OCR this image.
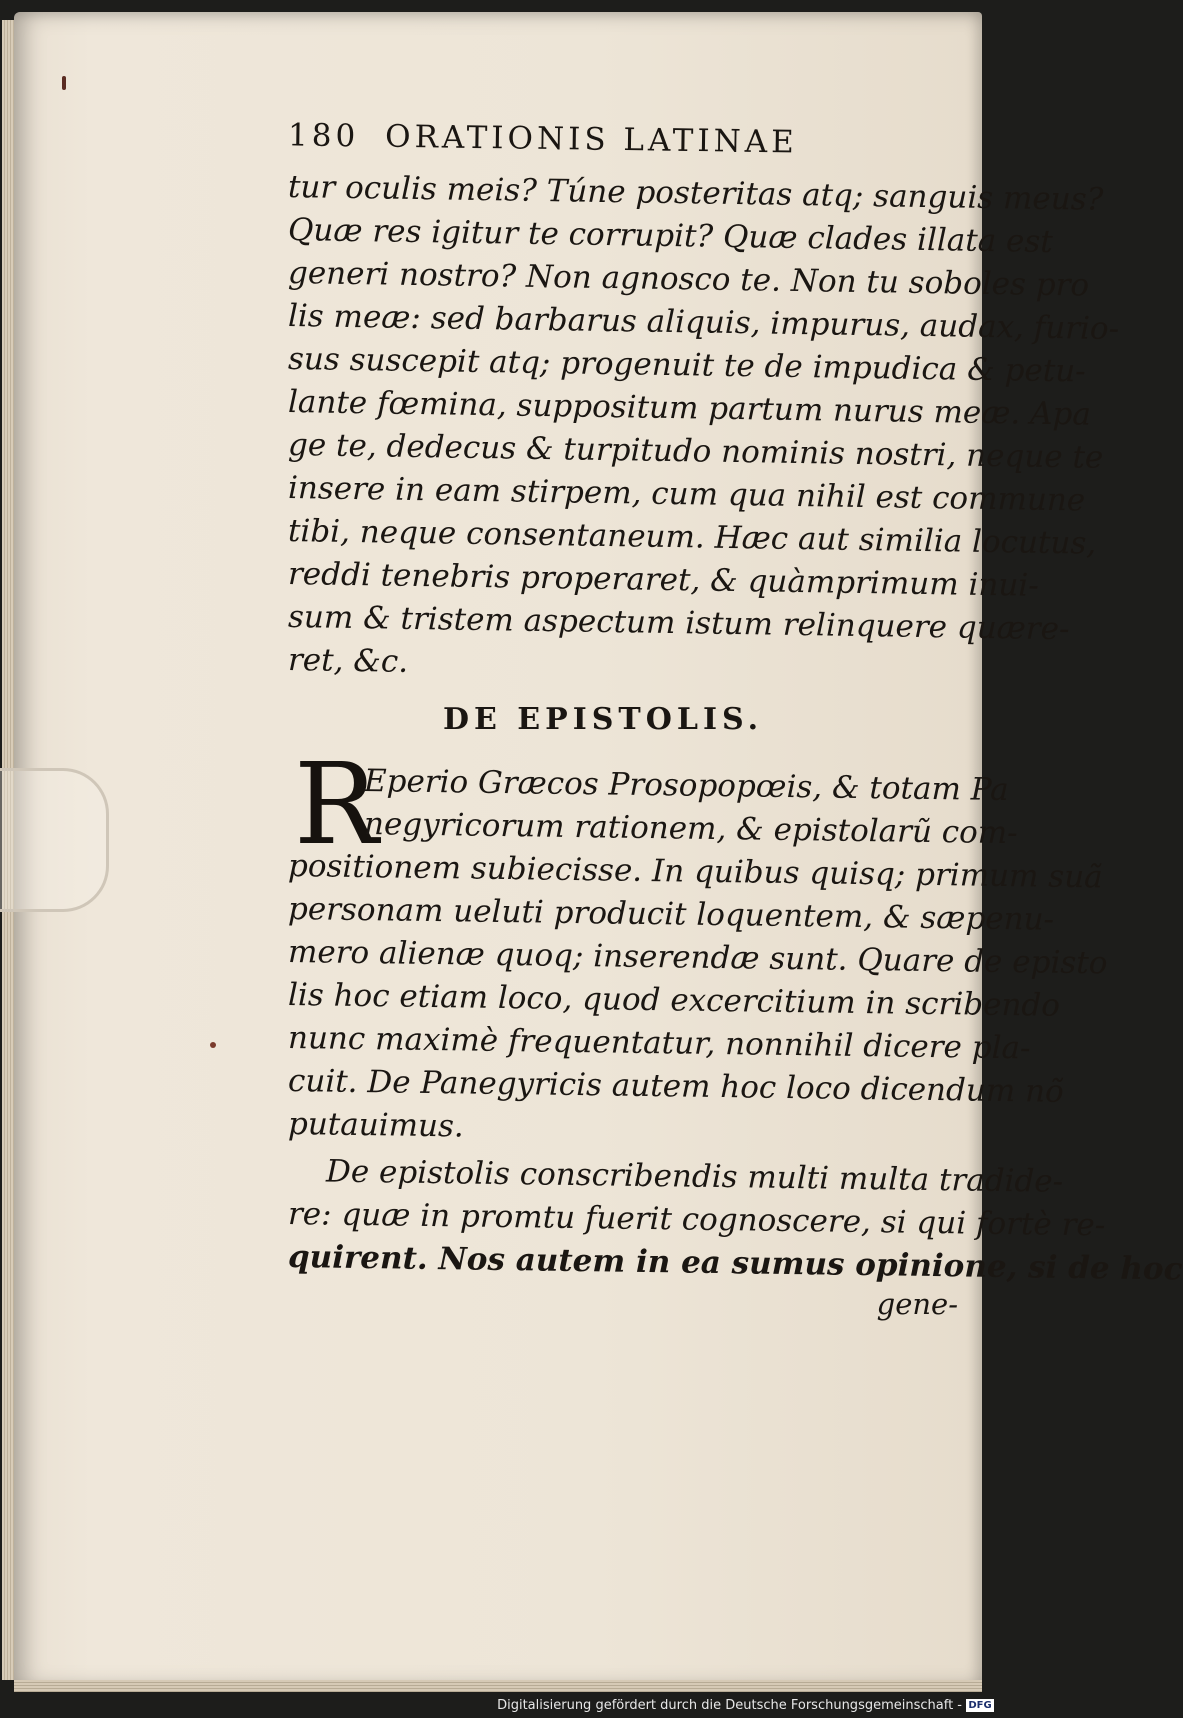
180 ORATIONIS LATINAE
tur oculis meis? Túne posteritas atq; sanguis meus?
Quæ res igitur te corrupit? Quæ clades illata est
generi nostro? Non agnosco te. Non tu soboles pro
lis meæ: sed barbarus aliquis, impurus, audax, furio-
sus suscepit atq; progenuit te de impudica & petu-
lante fœmina, suppositum partum nurus meæ. Apa
ge te, dedecus & turpitudo nominis nostri, neque te
insere in eam stirpem, cum qua nihil est commune
tibi, neque consentaneum. Hæc aut similia locutus,
reddi tenebris properaret, & quàmprimum inui-
sum & tristem aspectum istum relinquere quære-
ret, &c.
DE EPISTOLIS.
R
Eperio Græcos Prosopopœis, & totam Pa
negyricorum rationem, & epistolarũ com-
positionem subiecisse. In quibus quisq; primum suã
personam ueluti producit loquentem, & sæpenu-
mero alienæ quoq; inserendæ sunt. Quare de episto
lis hoc etiam loco, quod excercitium in scribendo
nunc maximè frequentatur, nonnihil dicere pla-
cuit. De Panegyricis autem hoc loco dicendum nõ
putauimus.
De epistolis conscribendis multi multa tradide-
re: quæ in promtu fuerit cognoscere, si qui fortè re-
quirent. Nos autem in ea sumus opinione, si de hoc
gene-
Digitalisierung gefördert durch die Deutsche Forschungsgemeinschaft - DFG
